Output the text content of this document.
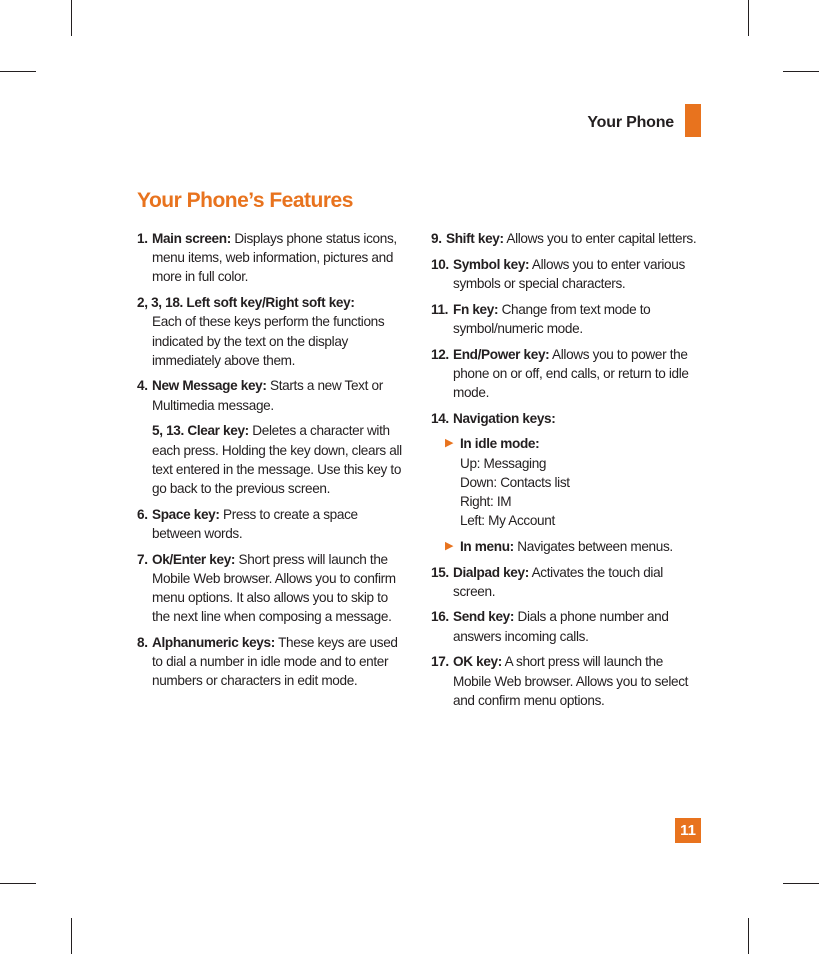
Your Phone
Your Phone’s Features
1. Main screen: Displays phone status icons, menu items, web information, pictures and more in full color.
2, 3, 18. Left soft key/Right soft key:
Each of these keys perform the functions indicated by the text on the display immediately above them.
4. New Message key: Starts a new Text or Multimedia message.
5, 13. Clear key: Deletes a character with each press. Holding the key down, clears all text entered in the message. Use this key to go back to the previous screen.
6. Space key: Press to create a space between words.
7. Ok/Enter key: Short press will launch the Mobile Web browser. Allows you to confirm menu options. It also allows you to skip to the next line when composing a message.
8. Alphanumeric keys: These keys are used to dial a number in idle mode and to enter numbers or characters in edit mode.
9. Shift key: Allows you to enter capital letters.
10. Symbol key: Allows you to enter various symbols or special characters.
11. Fn key: Change from text mode to symbol/numeric mode.
12. End/Power key: Allows you to power the phone on or off, end calls, or return to idle mode.
14. Navigation keys:
▶ In idle mode:
Up: Messaging
Down: Contacts list
Right: IM
Left: My Account
▶ In menu: Navigates between menus.
15. Dialpad key: Activates the touch dial screen.
16. Send key: Dials a phone number and answers incoming calls.
17. OK key: A short press will launch the Mobile Web browser. Allows you to select and confirm menu options.
11
